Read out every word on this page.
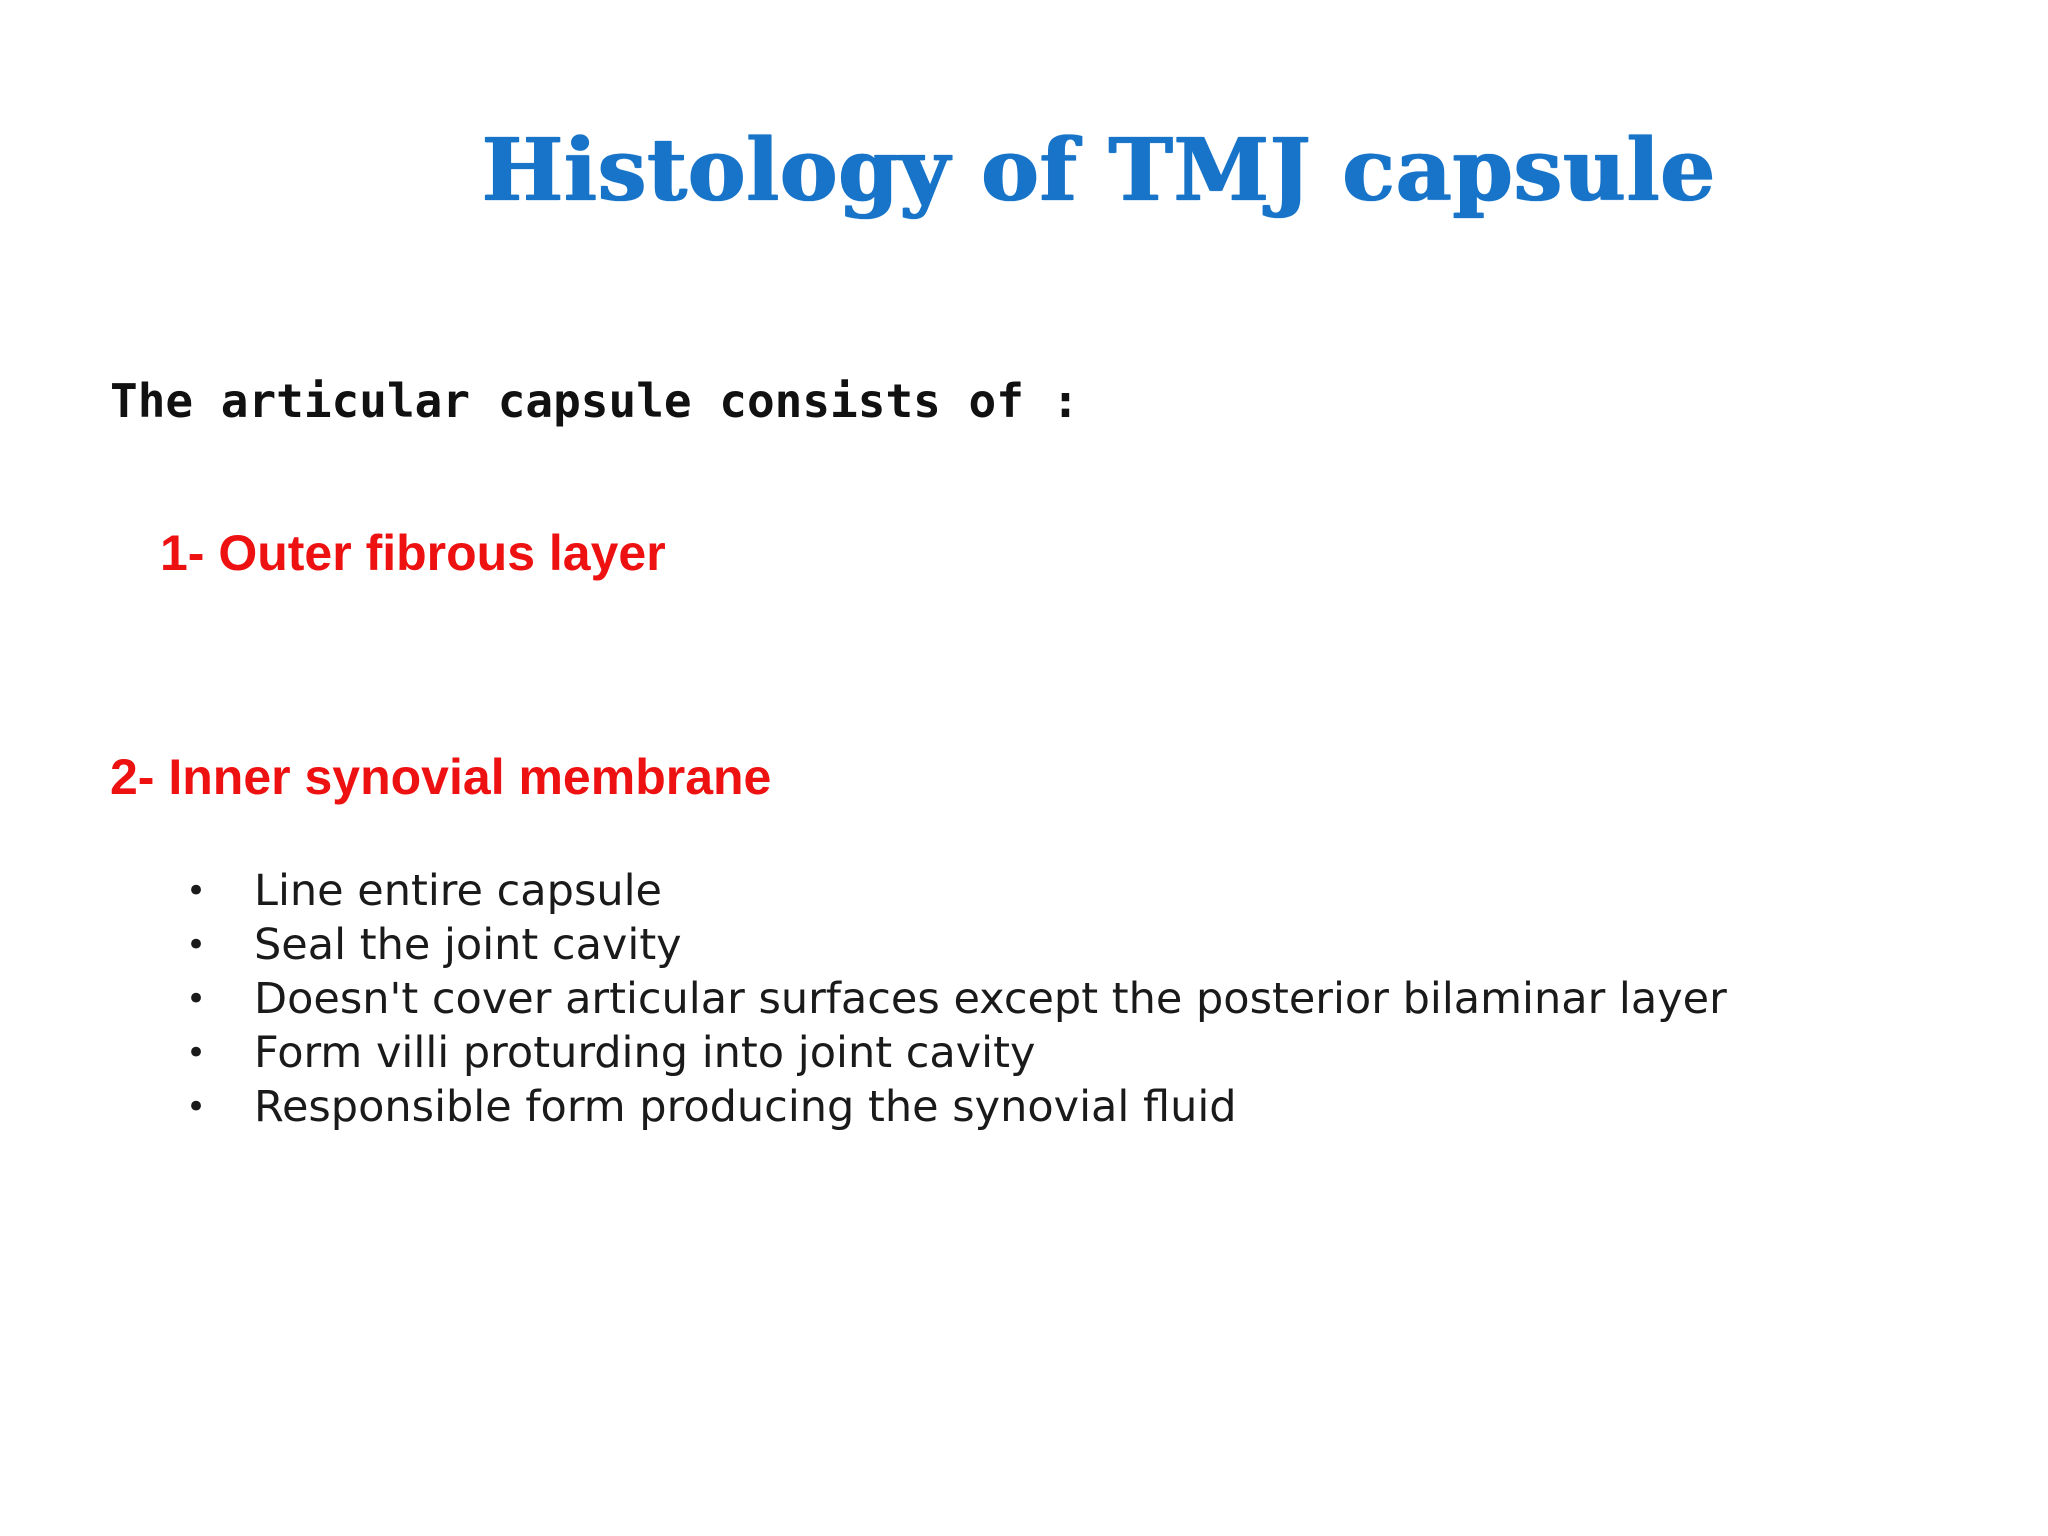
Histology of TMJ capsule
The articular capsule consists of :
1- Outer fibrous layer
2- Inner synovial membrane
• Line entire capsule
• Seal the joint cavity
• Doesn't cover articular surfaces except the posterior bilaminar layer
• Form villi proturding into joint cavity
• Responsible form producing the synovial fluid
